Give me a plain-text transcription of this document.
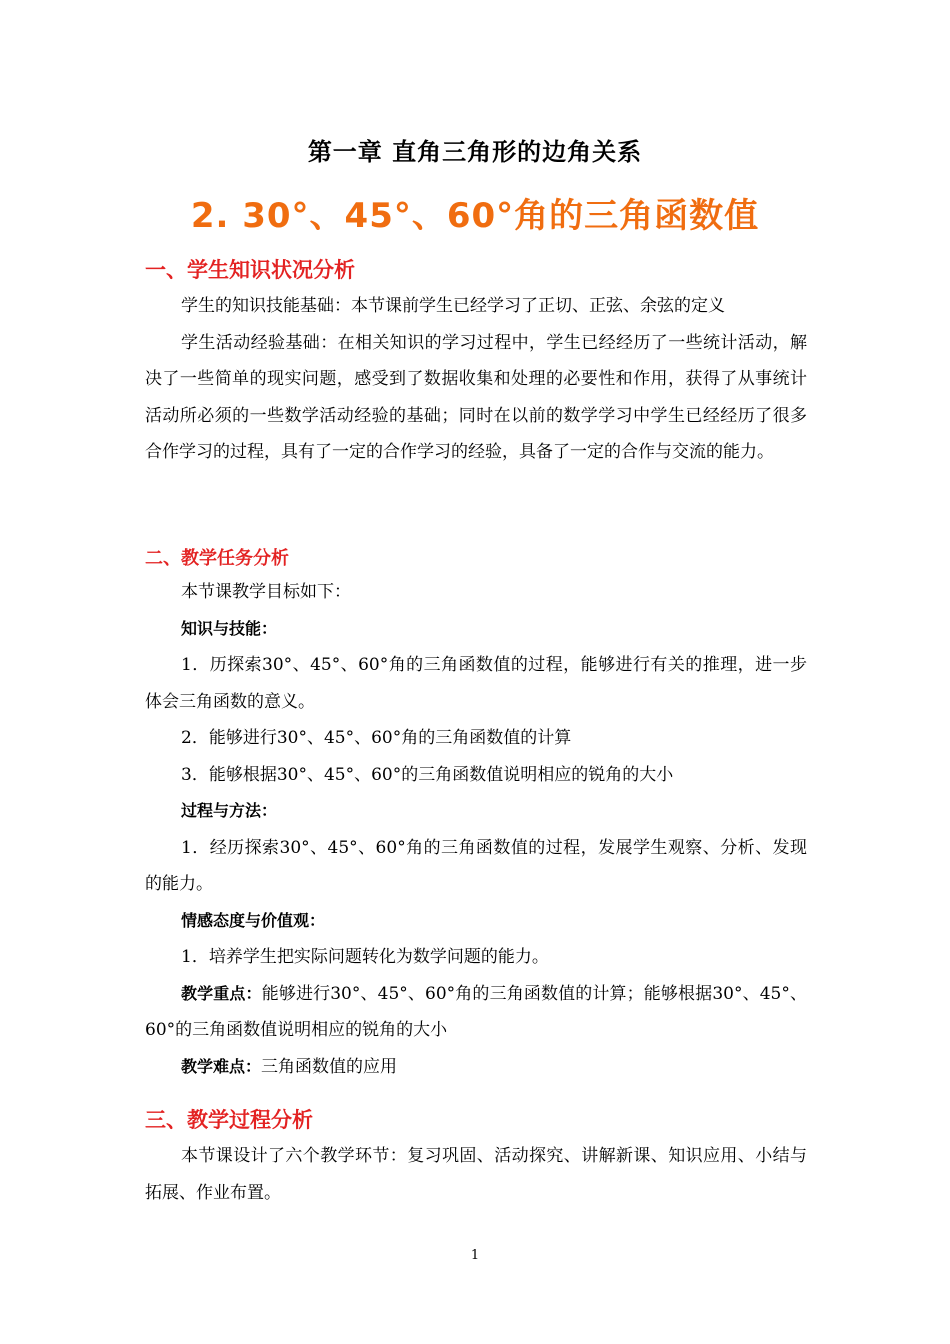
第一章 直角三角形的边角关系
2. 30°、45°、60°角的三角函数值
一、学生知识状况分析

学生的知识技能基础：本节课前学生已经学习了正切、正弦、余弦的定义

学生活动经验基础：在相关知识的学习过程中，学生已经经历了一些统计活动，解决了一些简单的现实问题，感受到了数据收集和处理的必要性和作用，获得了从事统计活动所必须的一些数学活动经验的基础；同时在以前的数学学习中学生已经经历了很多合作学习的过程，具有了一定的合作学习的经验，具备了一定的合作与交流的能力。

二、教学任务分析

本节课教学目标如下：

知识与技能：

1．历探索30°、45°、60°角的三角函数值的过程，能够进行有关的推理，进一步体会三角函数的意义。

2．能够进行30°、45°、60°角的三角函数值的计算

3．能够根据30°、45°、60°的三角函数值说明相应的锐角的大小

过程与方法：

1．经历探索30°、45°、60°角的三角函数值的过程，发展学生观察、分析、发现的能力。

情感态度与价值观：

1．培养学生把实际问题转化为数学问题的能力。

教学重点：能够进行30°、45°、60°角的三角函数值的计算；能够根据30°、45°、60°的三角函数值说明相应的锐角的大小

教学难点：三角函数值的应用

三、教学过程分析

本节课设计了六个教学环节：复习巩固、活动探究、讲解新课、知识应用、小结与拓展、作业布置。

1
